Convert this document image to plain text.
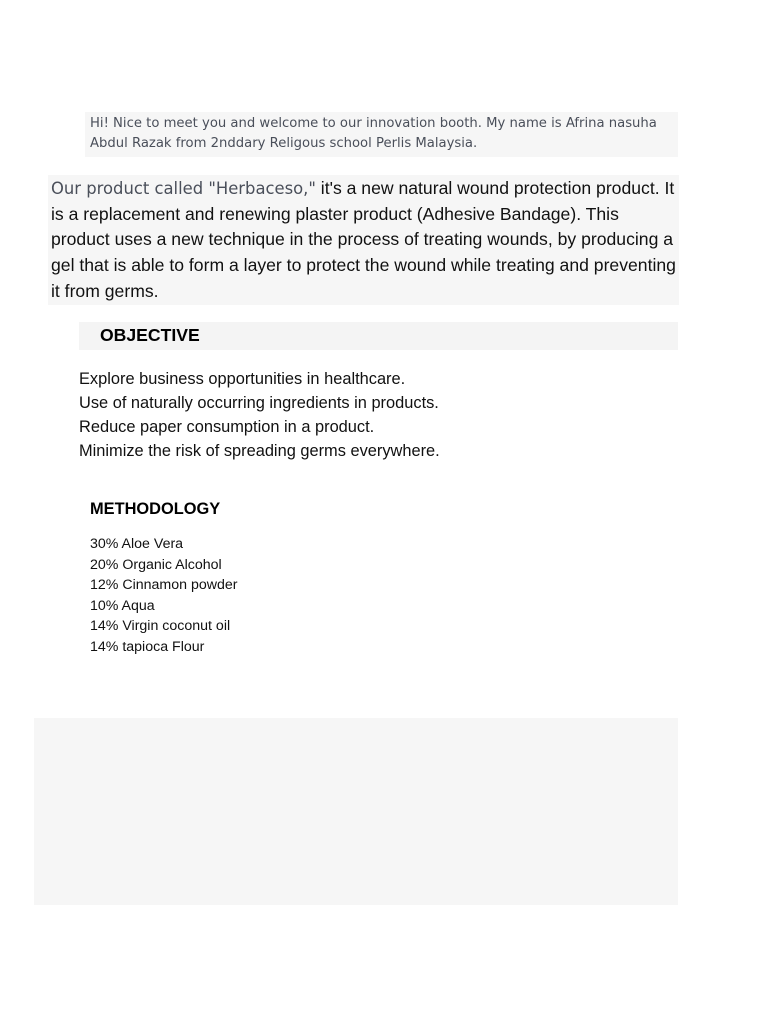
Hi! Nice to meet you and welcome to our innovation booth. My name is Afrina nasuha Abdul Razak from 2nddary Religous school Perlis Malaysia.
Our product called "Herbaceso," it's a new natural wound protection product. It is a replacement and renewing plaster product (Adhesive Bandage). This product uses a new technique in the process of treating wounds, by producing a gel that is able to form a layer to protect the wound while treating and preventing it from germs.
OBJECTIVE
Explore business opportunities in healthcare.
Use of naturally occurring ingredients in products.
Reduce paper consumption in a product.
Minimize the risk of spreading germs everywhere.
METHODOLOGY
30% Aloe Vera
20% Organic Alcohol
12% Cinnamon powder
10% Aqua
14% Virgin coconut oil
14% tapioca Flour
